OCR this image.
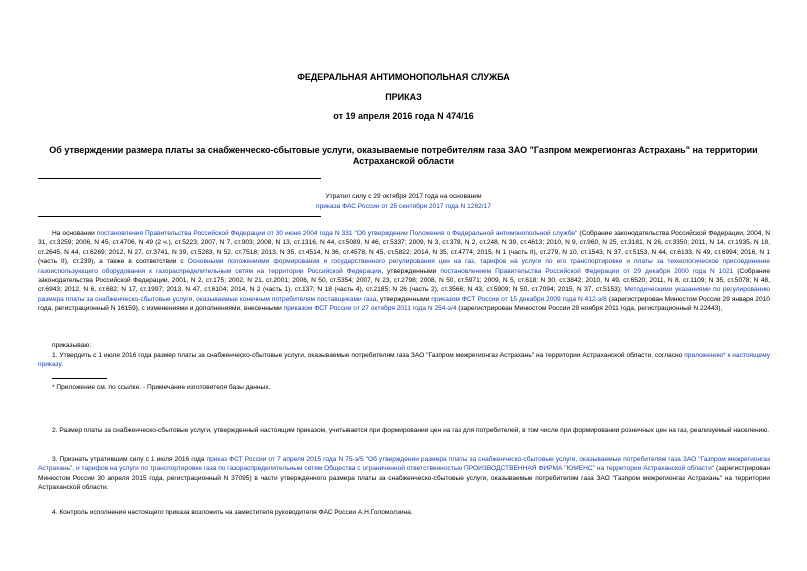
ФЕДЕРАЛЬНАЯ АНТИМОНОПОЛЬНАЯ СЛУЖБА
ПРИКАЗ
от 19 апреля 2016 года N 474/16
Об утверждении размера платы за снабженческо-сбытовые услуги, оказываемые потребителям газа ЗАО "Газпром межрегионгаз Астрахань" на территории
Астраханской области
Утратил силу с 29 октября 2017 года на основании
приказа ФАС России от 25 сентября 2017 года N 1262/17

На основании постановления Правительства Российской Федерации от 30 июня 2004 года N 331 "Об утверждении Положения о Федеральной антимонопольной службе" (Собрание законодательства Российской Федерации, 2004, N 31, ст.3259; 2006, N 45, ст.4706, N 49 (2 ч.), ст.5223; 2007, N 7, ст.903; 2008, N 13, ст.1316, N 44, ст.5089, N 46, ст.5337; 2009, N 3, ст.378, N 2, ст.248, N 39, ст.4613; 2010, N 9, ст.960, N 25, ст.3181, N 26, ст.3350; 2011, N 14, ст.1935, N 18, ст.2645, N 44, ст.6269; 2012, N 27, ст.3741, N 39, ст.5283, N 52, ст.7518; 2013, N 35, ст.4514, N 36, ст.4578, N 45, ст.5822; 2014, N 35, ст.4774; 2015, N 1 (часть II), ст.279, N 10, ст.1543, N 37, ст.5153, N 44, ст.6133, N 49, ст.6994; 2016, N 1 (часть II), ст.239), а также в соответствии с Основными положениями формирования и государственного регулирования цен на газ, тарифов на услуги по его транспортировке и платы за технологическое присоединение газоиспользующего оборудования к газораспределительным сетям на территории Российской Федерации, утвержденными постановлением Правительства Российской Федерации от 29 декабря 2000 года N 1021 (Собрание законодательства Российской Федерации, 2001, N 2, ст.175; 2002, N 21, ст.2001; 2006, N 50, ст.5354; 2007, N 23, ст.2798; 2008, N 50, ст.5971; 2009, N 5, ст.618; N 30, ст.3842; 2010, N 49, ст.6520; 2011, N 8, ст.1109; N 35, ст.5078; N 48, ст.6943; 2012, N 6, ст.682; N 17, ст.1997; 2013, N 47, ст.6104; 2014, N 2 (часть 1), ст.137; N 18 (часть 4), ст.2185; N 26 (часть 2), ст.3566; N 43, ст.5909; N 50, ст.7094; 2015, N 37, ст.5153); Методическими указаниями по регулированию размера платы за снабженческо-сбытовые услуги, оказываемые конечным потребителям поставщиками газа, утвержденными приказом ФСТ России от 15 декабря 2009 года N 412-э/8 (зарегистрирован Минюстом России 29 января 2010 года, регистрационный N 16159), с изменениями и дополнениями, внесенными приказом ФСТ России от 27 октября 2011 года N 254-э/4 (зарегистрирован Минюстом России 29 ноября 2011 года, регистрационный N 22443),

приказываю:

1. Утвердить с 1 июля 2016 года размер платы за снабженческо-сбытовые услуги, оказываемые потребителям газа ЗАО "Газпром межрегионгаз Астрахань" на территории Астраханской области, согласно приложению* к настоящему приказу.

* Приложение см. по ссылке. - Примечание изготовителя базы данных.

2. Размер платы за снабженческо-сбытовые услуги, утвержденный настоящим приказом, учитывается при формировании цен на газ для потребителей, в том числе при формировании розничных цен на газ, реализуемый населению.

3. Признать утратившим силу с 1 июля 2016 года приказ ФСТ России от 7 апреля 2015 года N 75-э/5 "Об утверждении размера платы за снабженческо-сбытовые услуги, оказываемые потребителям газа ЗАО "Газпром межрегионгаз Астрахань", и тарифов на услуги по транспортировке газа по газораспределительным сетям Общества с ограниченной ответственностью ПРОИЗВОДСТВЕННАЯ ФИРМА "ЮМЕНС" на территории Астраханской области" (зарегистрирован Минюстом России 30 апреля 2015 года, регистрационный N 37095) в части утвержденного размера платы за снабженческо-сбытовые услуги, оказываемые потребителям газа ЗАО "Газпром межрегионгаз Астрахань" на территории Астраханской области.

4. Контроль исполнения настоящего приказа возложить на заместителя руководителя ФАС России А.Н.Голомолзина.
